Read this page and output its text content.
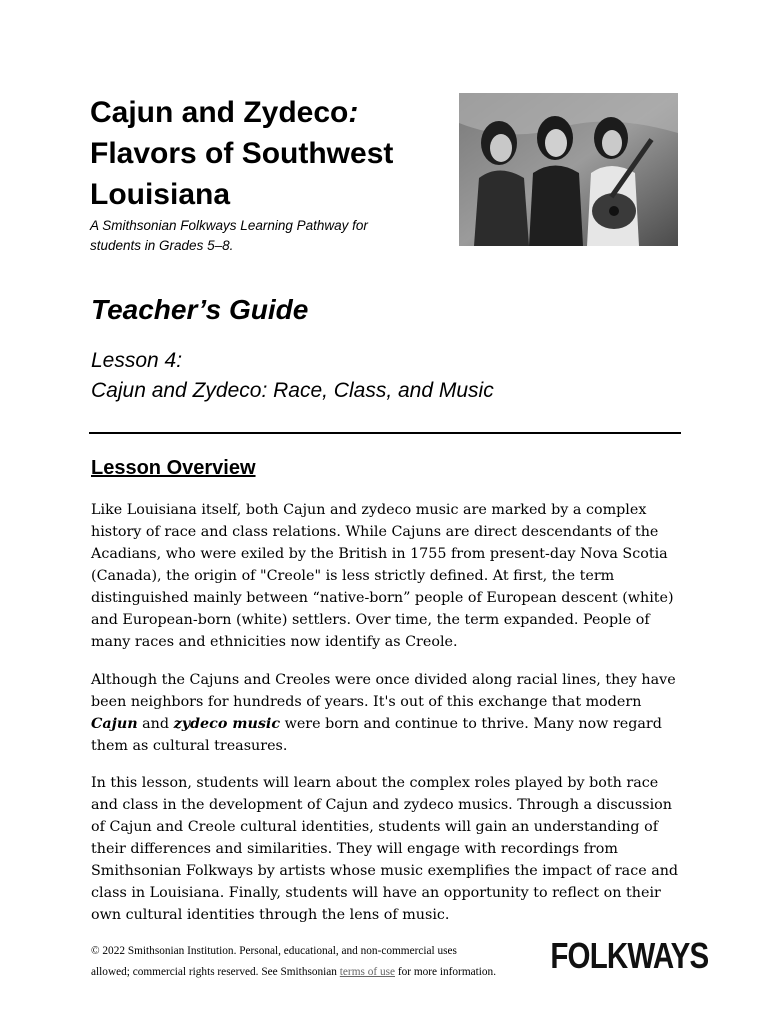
Cajun and Zydeco:
Flavors of Southwest
Louisiana

A Smithsonian Folkways Learning Pathway for
students in Grades 5–8.

Teacher’s Guide

Lesson 4:
Cajun and Zydeco: Race, Class, and Music

Lesson Overview

Like Louisiana itself, both Cajun and zydeco music are marked by a complex
history of race and class relations. While Cajuns are direct descendants of the
Acadians, who were exiled by the British in 1755 from present-day Nova Scotia
(Canada), the origin of "Creole" is less strictly defined. At first, the term
distinguished mainly between “native-born” people of European descent (white)
and European-born (white) settlers. Over time, the term expanded. People of
many races and ethnicities now identify as Creole.

Although the Cajuns and Creoles were once divided along racial lines, they have
been neighbors for hundreds of years. It's out of this exchange that modern
Cajun and zydeco music were born and continue to thrive. Many now regard
them as cultural treasures.

In this lesson, students will learn about the complex roles played by both race
and class in the development of Cajun and zydeco musics. Through a discussion
of Cajun and Creole cultural identities, students will gain an understanding of
their differences and similarities. They will engage with recordings from
Smithsonian Folkways by artists whose music exemplifies the impact of race and
class in Louisiana. Finally, students will have an opportunity to reflect on their
own cultural identities through the lens of music.

© 2022 Smithsonian Institution. Personal, educational, and non-commercial uses
allowed; commercial rights reserved. See Smithsonian terms of use for more information.	FOLKWAYS
